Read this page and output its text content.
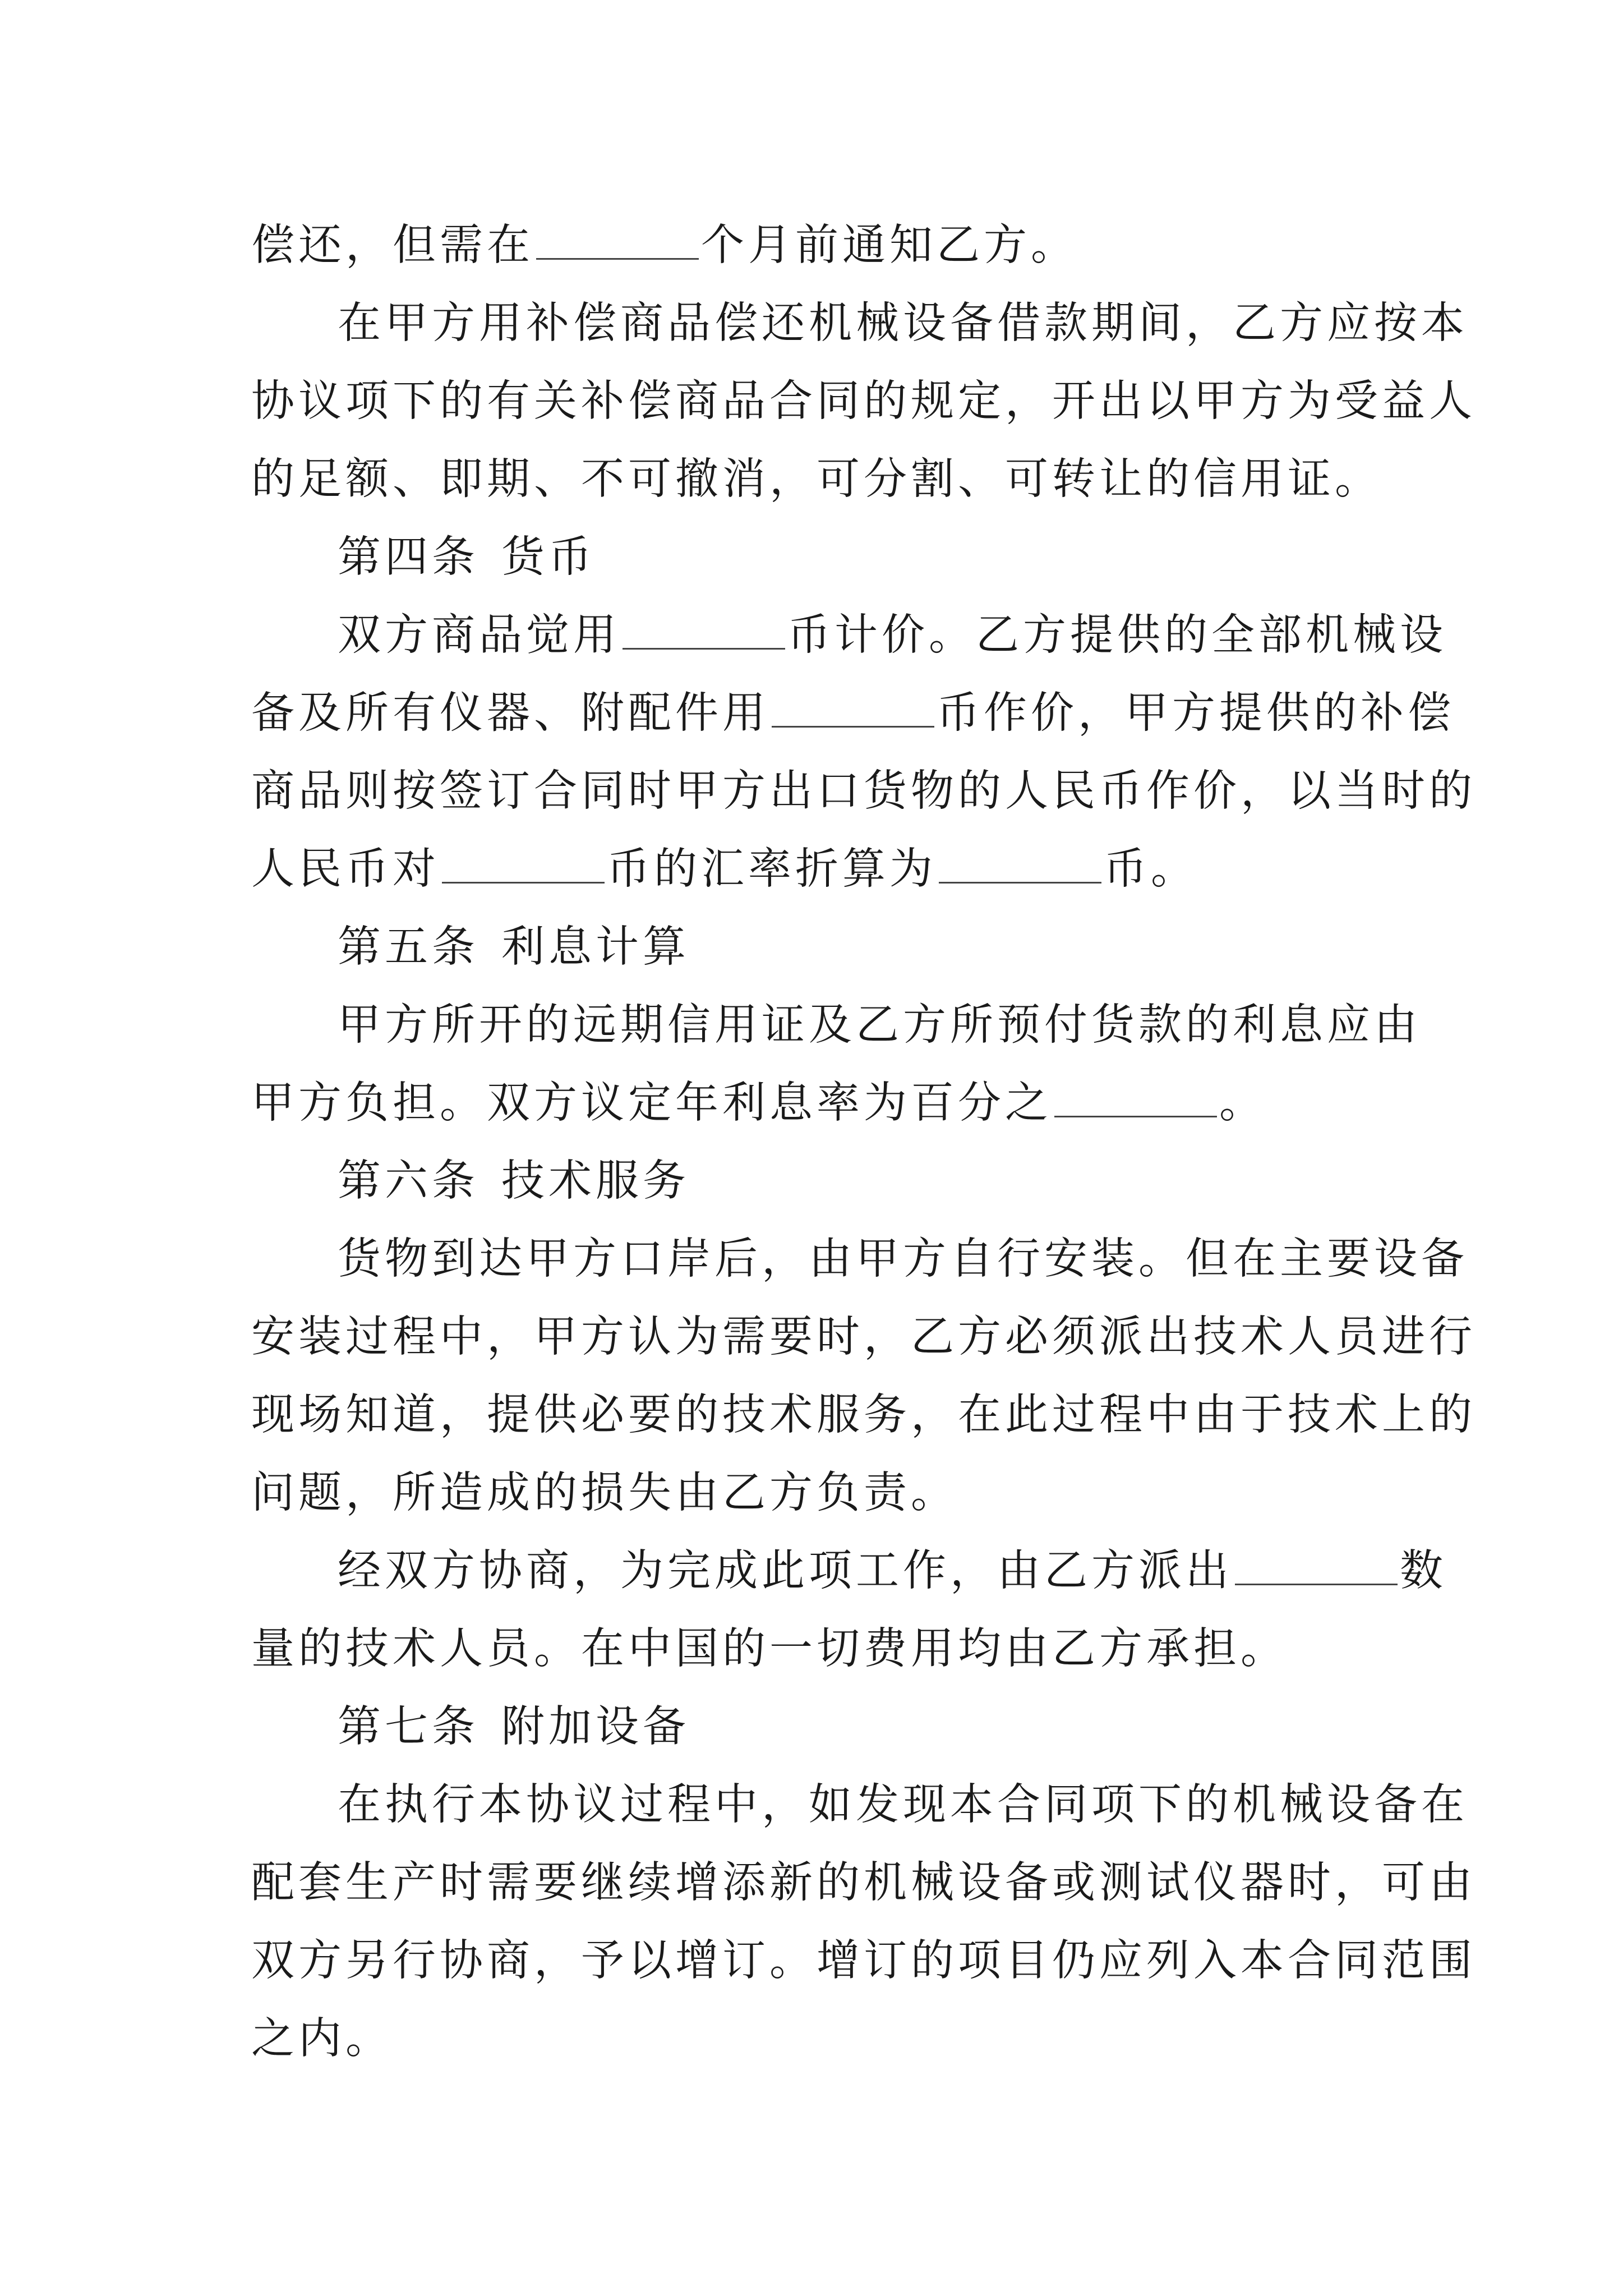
偿还，但需在	个月前通知乙方。
在甲方用补偿商品偿还机械设备借款期间，乙方应按本
协议项下的有关补偿商品合同的规定，开出以甲方为受益人
的足额、即期、不可撤消，可分割、可转让的信用证。
第四条 货币
双方商品觉用	币计价。乙方提供的全部机械设
备及所有仪器、附配件用	币作价，甲方提供的补偿
商品则按签订合同时甲方出口货物的人民币作价，以当时的
人民币对	币的汇率折算为	币。
第五条 利息计算
甲方所开的远期信用证及乙方所预付货款的利息应由
甲方负担。双方议定年利息率为百分之	。
第六条 技术服务
货物到达甲方口岸后，由甲方自行安装。但在主要设备
安装过程中，甲方认为需要时，乙方必须派出技术人员进行
现场知道，提供必要的技术服务，在此过程中由于技术上的
问题，所造成的损失由乙方负责。
经双方协商，为完成此项工作，由乙方派出	数
量的技术人员。在中国的一切费用均由乙方承担。
第七条 附加设备
在执行本协议过程中，如发现本合同项下的机械设备在
配套生产时需要继续增添新的机械设备或测试仪器时，可由
双方另行协商，予以增订。增订的项目仍应列入本合同范围
之内。
